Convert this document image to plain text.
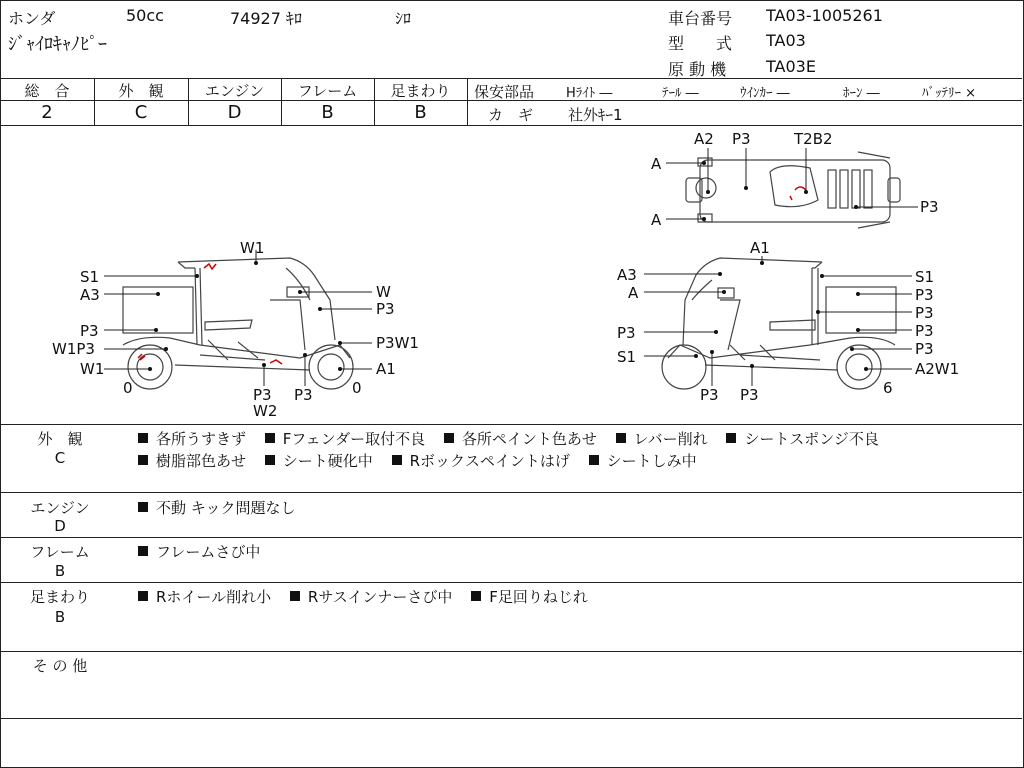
ホンダ	50cc	74927 ｷﾛ	ｼﾛ
ｼﾞｬｲﾛｷｬﾉﾋﾟｰ
車台番号 TA03-1005261
型　　式 TA03
原 動 機 TA03E
総　合	外　観	エンジン	フレーム	足まわり
2	C	D	B	B
保安部品 Hﾗｲﾄ ―	ﾃｰﾙ ―	ｳｲﾝｶｰ ―	ﾎｰﾝ ―	ﾊﾞｯﾃﾘｰ ×
カ　ギ 社外ｷｰ1
W1
S1
A3	W
P3
P3
P3W1
W1P3
W1	A1
0	0
P3 P3
W2
A2 P3	T2B2
A
A
P3
A1
A3	S1
A	P3
P3
P3	P3
S1	P3
A2W1
6
P3 P3
外　観
C
各所うすきず Fフェンダー取付不良 各所ペイント色あせ レバー削れ シートスポンジ不良
樹脂部色あせ シート硬化中 Rボックスペイントはげ シートしみ中
エンジン
D
不動 キック問題なし
フレーム
B
フレームさび中
足まわり
B
Rホイール削れ小 Rサスインナーさび中 F足回りねじれ
そ の 他
